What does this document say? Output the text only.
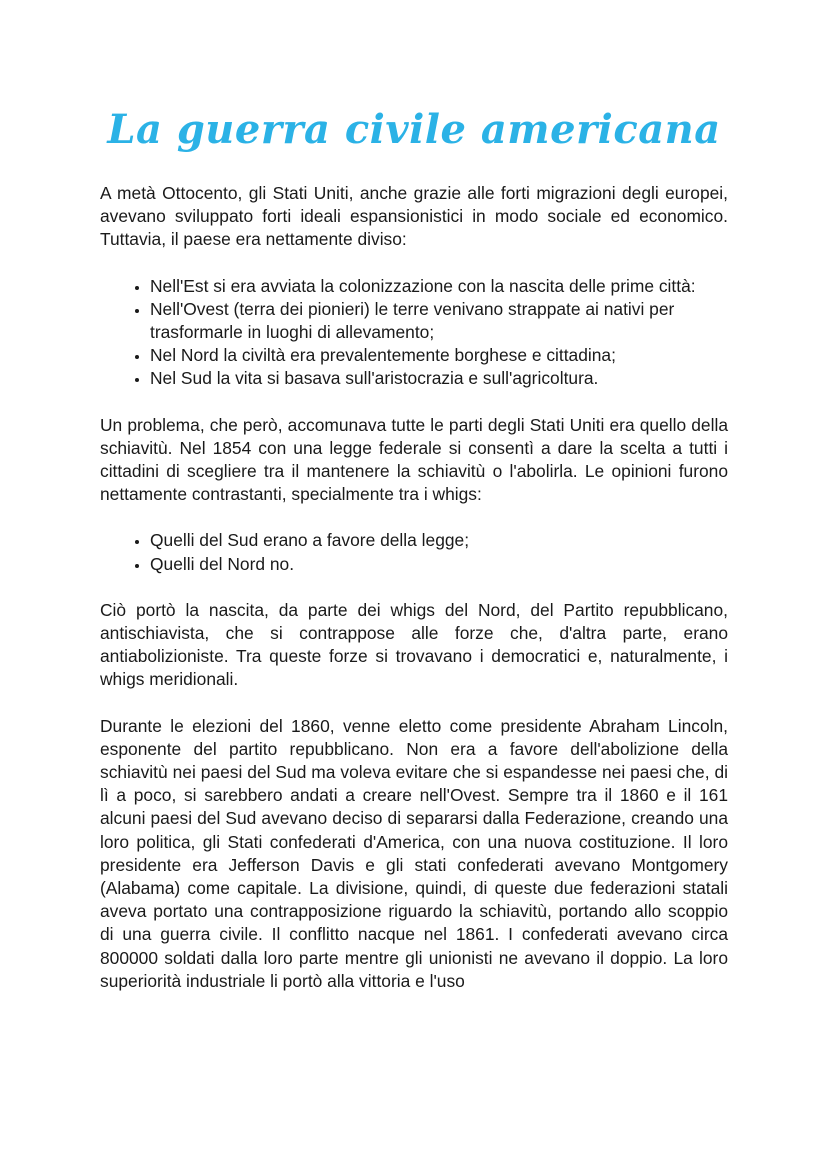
La guerra civile americana

A metà Ottocento, gli Stati Uniti, anche grazie alle forti migrazioni degli europei, avevano sviluppato forti ideali espansionistici in modo sociale ed economico. Tuttavia, il paese era nettamente diviso:

• Nell'Est si era avviata la colonizzazione con la nascita delle prime città:
• Nell'Ovest (terra dei pionieri) le terre venivano strappate ai nativi per trasformarle in luoghi di allevamento;
• Nel Nord la civiltà era prevalentemente borghese e cittadina;
• Nel Sud la vita si basava sull'aristocrazia e sull'agricoltura.

Un problema, che però, accomunava tutte le parti degli Stati Uniti era quello della schiavitù. Nel 1854 con una legge federale si consentì a dare la scelta a tutti i cittadini di scegliere tra il mantenere la schiavitù o l'abolirla. Le opinioni furono nettamente contrastanti, specialmente tra i whigs:

• Quelli del Sud erano a favore della legge;
• Quelli del Nord no.

Ciò portò la nascita, da parte dei whigs del Nord, del Partito repubblicano, antischiavista, che si contrappose alle forze che, d'altra parte, erano antiabolizioniste. Tra queste forze si trovavano i democratici e, naturalmente, i whigs meridionali.

Durante le elezioni del 1860, venne eletto come presidente Abraham Lincoln, esponente del partito repubblicano. Non era a favore dell'abolizione della schiavitù nei paesi del Sud ma voleva evitare che si espandesse nei paesi che, di lì a poco, si sarebbero andati a creare nell'Ovest. Sempre tra il 1860 e il 161 alcuni paesi del Sud avevano deciso di separarsi dalla Federazione, creando una loro politica, gli Stati confederati d'America, con una nuova costituzione. Il loro presidente era Jefferson Davis e gli stati confederati avevano Montgomery (Alabama) come capitale. La divisione, quindi, di queste due federazioni statali aveva portato una contrapposizione riguardo la schiavitù, portando allo scoppio di una guerra civile. Il conflitto nacque nel 1861. I confederati avevano circa 800000 soldati dalla loro parte mentre gli unionisti ne avevano il doppio. La loro superiorità industriale li portò alla vittoria e l'uso
